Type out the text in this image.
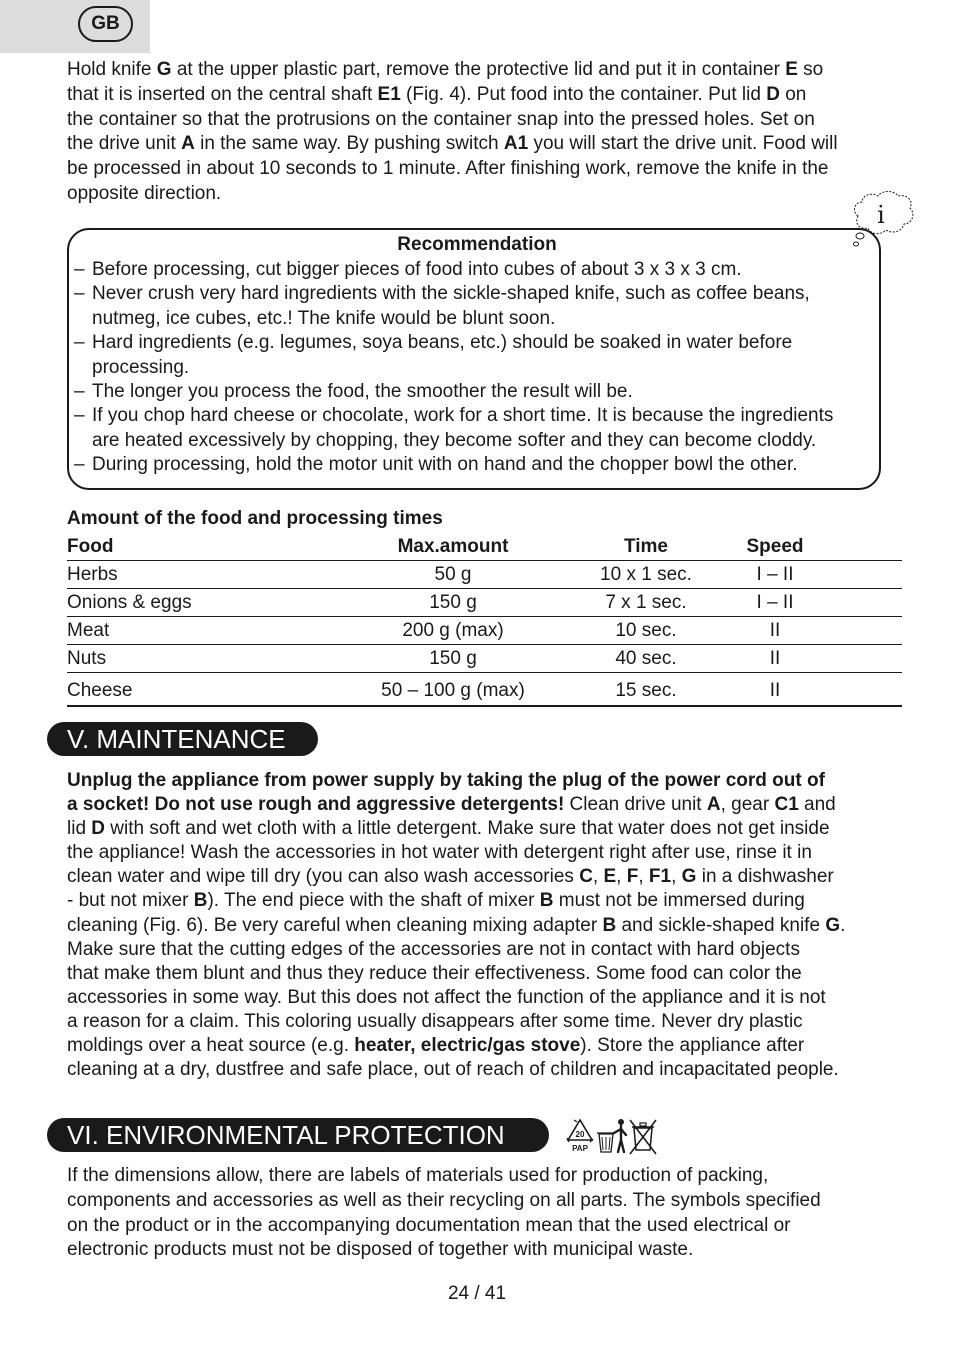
GB
Hold knife G at the upper plastic part, remove the protective lid and put it in container E so
that it is inserted on the central shaft E1 (Fig. 4). Put food into the container. Put lid D on
the container so that the protrusions on the container snap into the pressed holes. Set on
the drive unit A in the same way. By pushing switch A1 you will start the drive unit. Food will
be processed in about 10 seconds to 1 minute. After finishing work, remove the knife in the
opposite direction.
i
Recommendation
– Before processing, cut bigger pieces of food into cubes of about 3 x 3 x 3 cm.
– Never crush very hard ingredients with the sickle-shaped knife, such as coffee beans,
nutmeg, ice cubes, etc.! The knife would be blunt soon.
– Hard ingredients (e.g. legumes, soya beans, etc.) should be soaked in water before
processing.
– The longer you process the food, the smoother the result will be.
– If you chop hard cheese or chocolate, work for a short time. It is because the ingredients
are heated excessively by chopping, they become softer and they can become cloddy.
– During processing, hold the motor unit with on hand and the chopper bowl the other.
Amount of the food and processing times
Food	Max.amount	Time	Speed
Herbs	50 g	10 x 1 sec.	I – II
Onions & eggs	150 g	7 x 1 sec.	I – II
Meat	200 g (max)	10 sec.	II
Nuts	150 g	40 sec.	II
Cheese	50 – 100 g (max)	15 sec.	II
V. MAINTENANCE
Unplug the appliance from power supply by taking the plug of the power cord out of
a socket! Do not use rough and aggressive detergents! Clean drive unit A, gear C1 and
lid D with soft and wet cloth with a little detergent. Make sure that water does not get inside
the appliance! Wash the accessories in hot water with detergent right after use, rinse it in
clean water and wipe till dry (you can also wash accessories C, E, F, F1, G in a dishwasher
- but not mixer B). The end piece with the shaft of mixer B must not be immersed during
cleaning (Fig. 6). Be very careful when cleaning mixing adapter B and sickle-shaped knife G.
Make sure that the cutting edges of the accessories are not in contact with hard objects
that make them blunt and thus they reduce their effectiveness. Some food can color the
accessories in some way. But this does not affect the function of the appliance and it is not
a reason for a claim. This coloring usually disappears after some time. Never dry plastic
moldings over a heat source (e.g. heater, electric/gas stove). Store the appliance after
cleaning at a dry, dustfree and safe place, out of reach of children and incapacitated people.
VI. ENVIRONMENTAL PROTECTION	20
PAP
If the dimensions allow, there are labels of materials used for production of packing,
components and accessories as well as their recycling on all parts. The symbols specified
on the product or in the accompanying documentation mean that the used electrical or
electronic products must not be disposed of together with municipal waste.
24 / 41
